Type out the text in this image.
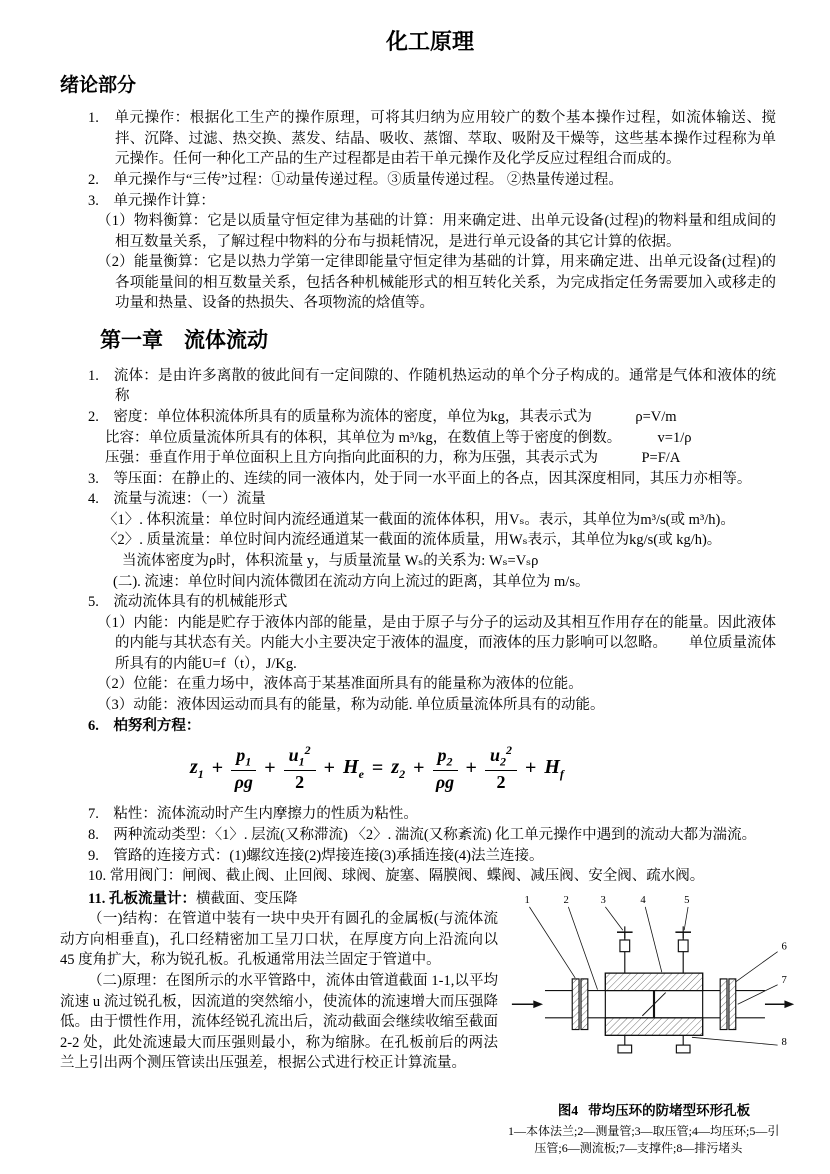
化工原理
绪论部分

1.　单元操作：根据化工生产的操作原理，可将其归纳为应用较广的数个基本操作过程，如流体输送、搅拌、沉降、过滤、热交换、蒸发、结晶、吸收、蒸馏、萃取、吸附及干燥等，这些基本操作过程称为单元操作。任何一种化工产品的生产过程都是由若干单元操作及化学反应过程组合而成的。

2.　单元操作与“三传”过程：①动量传递过程。③质量传递过程。 ②热量传递过程。

3.　单元操作计算：

（1）物料衡算：它是以质量守恒定律为基础的计算：用来确定进、出单元设备(过程)的物料量和组成间的相互数量关系，了解过程中物料的分布与损耗情况，是进行单元设备的其它计算的依据。

（2）能量衡算：它是以热力学第一定律即能量守恒定律为基础的计算，用来确定进、出单元设备(过程)的各项能量间的相互数量关系，包括各种机械能形式的相互转化关系，为完成指定任务需要加入或移走的功量和热量、设备的热损失、各项物流的焓值等。

第一章　流体流动

1.　流体：是由许多离散的彼此间有一定间隙的、作随机热运动的单个分子构成的。通常是气体和液体的统称

2.　密度：单位体积流体所具有的质量称为流体的密度，单位为kg，其表示式为　　　ρ=V/m

比容：单位质量流体所具有的体积，其单位为 m³/kg，在数值上等于密度的倒数。　　　v=1/ρ

压强：垂直作用于单位面积上且方向指向此面积的力，称为压强，其表示式为　　　P=F/A

3.　等压面：在静止的、连续的同一液体内，处于同一水平面上的各点，因其深度相同，其压力亦相等。

4.　流量与流速：（一）流量

〈1〉. 体积流量：单位时间内流经通道某一截面的流体体积，用Vₛ。表示，其单位为m³/s(或 m³/h)。

〈2〉. 质量流量：单位时间内流经通道某一截面的流体质量，用Wₛ表示，其单位为kg/s(或 kg/h)。

当流体密度为ρ时，体积流量 y，与质量流量 Wₛ的关系为: Wₛ=Vₛρ

(二). 流速：单位时间内流体微团在流动方向上流过的距离，其单位为 m/s。

5.　流动流体具有的机械能形式

（1）内能：内能是贮存于液体内部的能量，是由于原子与分子的运动及其相互作用存在的能量。因此液体的内能与其状态有关。内能大小主要决定于液体的温度，而液体的压力影响可以忽略。　　单位质量流体所具有的内能U=f（t），J/Kg.

（2）位能：在重力场中，液体高于某基准面所具有的能量称为液体的位能。

（3）动能：液体因运动而具有的能量，称为动能. 单位质量流体所具有的动能。

6.　柏努利方程：

$z_1 + \frac{p_1}{\rho g} + \frac{u_1^2}{2} + H_e = z_2 + \frac{p_2}{\rho g} + \frac{u_2^2}{2} + H_f$

7.　粘性：流体流动时产生内摩擦力的性质为粘性。

8.　两种流动类型：〈1〉. 层流(又称滞流) 〈2〉. 湍流(又称紊流) 化工单元操作中遇到的流动大都为湍流。

9.　管路的连接方式：(1)螺纹连接(2)焊接连接(3)承插连接(4)法兰连接。

10. 常用阀门：闸阀、截止阀、止回阀、球阀、旋塞、隔膜阀、蝶阀、减压阀、安全阀、疏水阀。

11. 孔板流量计：横截面、变压降

（一)结构：在管道中装有一块中央开有圆孔的金属板(与流体流动方向相垂直)，孔口经精密加工呈刀口状，在厚度方向上沿流向以 45 度角扩大，称为锐孔板。孔板通常用法兰固定于管道中。

（二)原理：在图所示的水平管路中，流体由管道截面 1-1,以平均流速 u 流过锐孔板，因流道的突然缩小，使流体的流速增大而压强降低。由于惯性作用，流体经锐孔流出后，流动截面会继续收缩至截面 2-2 处，此处流速最大而压强则最小，称为缩脉。在孔板前后的两法兰上引出两个测压管读出压强差，根据公式进行校正计算流量。

1	2	3	4	5
6
7
8
图4 带均压环的防堵型环形孔板
1—本体法兰;2—测量管;3—取压管;4—均压环;5—引
压管;6—测流板;7—支撑件;8—排污堵头
